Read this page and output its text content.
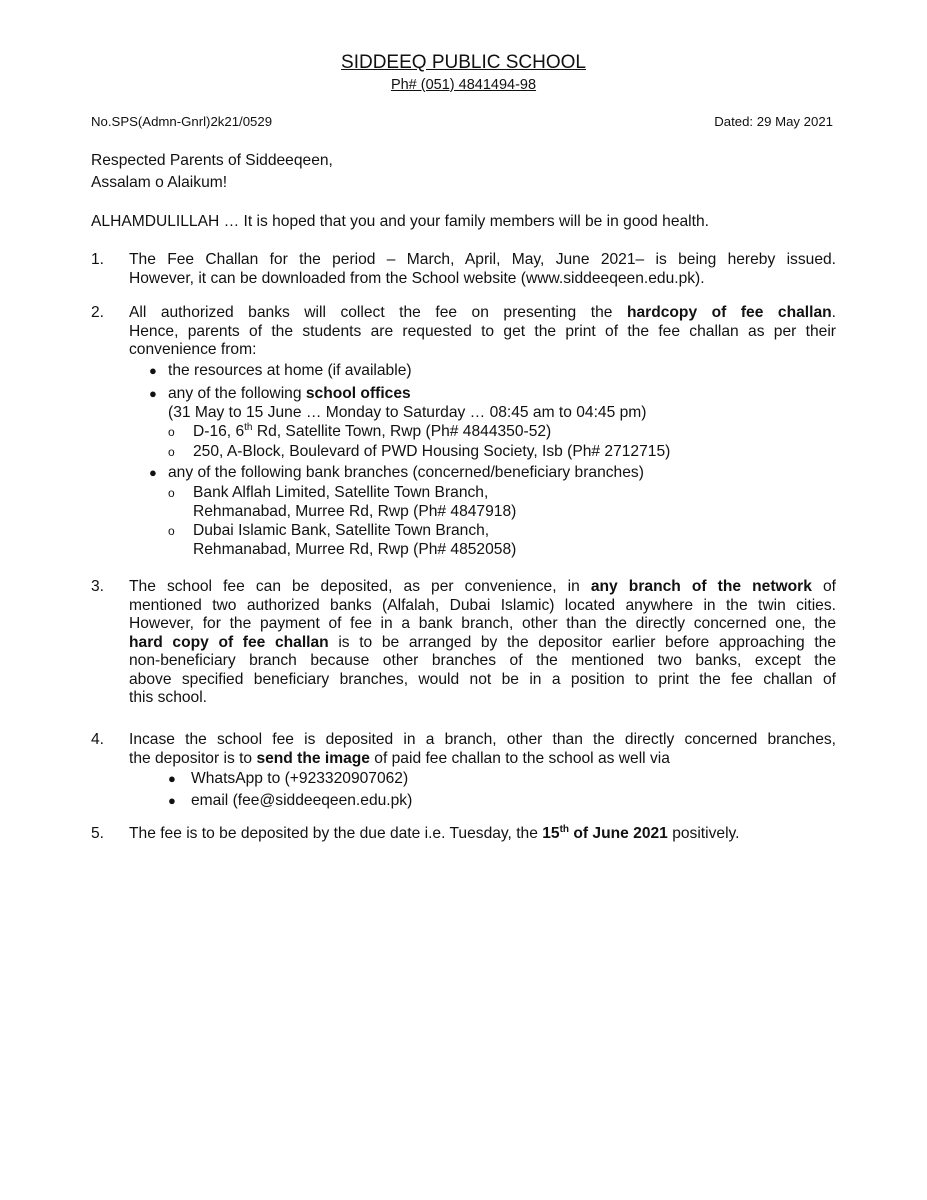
SIDDEEQ PUBLIC SCHOOL
Ph# (051) 4841494-98
No.SPS(Admn-Gnrl)2k21/0529	Dated: 29 May 2021
Respected Parents of Siddeeqeen,
Assalam o Alaikum!
ALHAMDULILLAH … It is hoped that you and your family members will be in good health.
1. The Fee Challan for the period – March, April, May, June 2021– is being hereby issued.
However, it can be downloaded from the School website (www.siddeeqeen.edu.pk).
2. All authorized banks will collect the fee on presenting the hardcopy of fee challan.
Hence, parents of the students are requested to get the print of the fee challan as per their
convenience from:
● the resources at home (if available)
● any of the following school offices
(31 May to 15 June … Monday to Saturday … 08:45 am to 04:45 pm)
o D-16, 6th Rd, Satellite Town, Rwp (Ph# 4844350-52)
o 250, A-Block, Boulevard of PWD Housing Society, Isb (Ph# 2712715)
● any of the following bank branches (concerned/beneficiary branches)
o Bank Alflah Limited, Satellite Town Branch,
Rehmanabad, Murree Rd, Rwp (Ph# 4847918)
o Dubai Islamic Bank, Satellite Town Branch,
Rehmanabad, Murree Rd, Rwp (Ph# 4852058)
3. The school fee can be deposited, as per convenience, in any branch of the network of
mentioned two authorized banks (Alfalah, Dubai Islamic) located anywhere in the twin cities.
However, for the payment of fee in a bank branch, other than the directly concerned one, the
hard copy of fee challan is to be arranged by the depositor earlier before approaching the
non-beneficiary branch because other branches of the mentioned two banks, except the
above specified beneficiary branches, would not be in a position to print the fee challan of
this school.
4. Incase the school fee is deposited in a branch, other than the directly concerned branches,
the depositor is to send the image of paid fee challan to the school as well via
● WhatsApp to (+923320907062)
● email (fee@siddeeqeen.edu.pk)
5. The fee is to be deposited by the due date i.e. Tuesday, the 15th of June 2021 positively.
